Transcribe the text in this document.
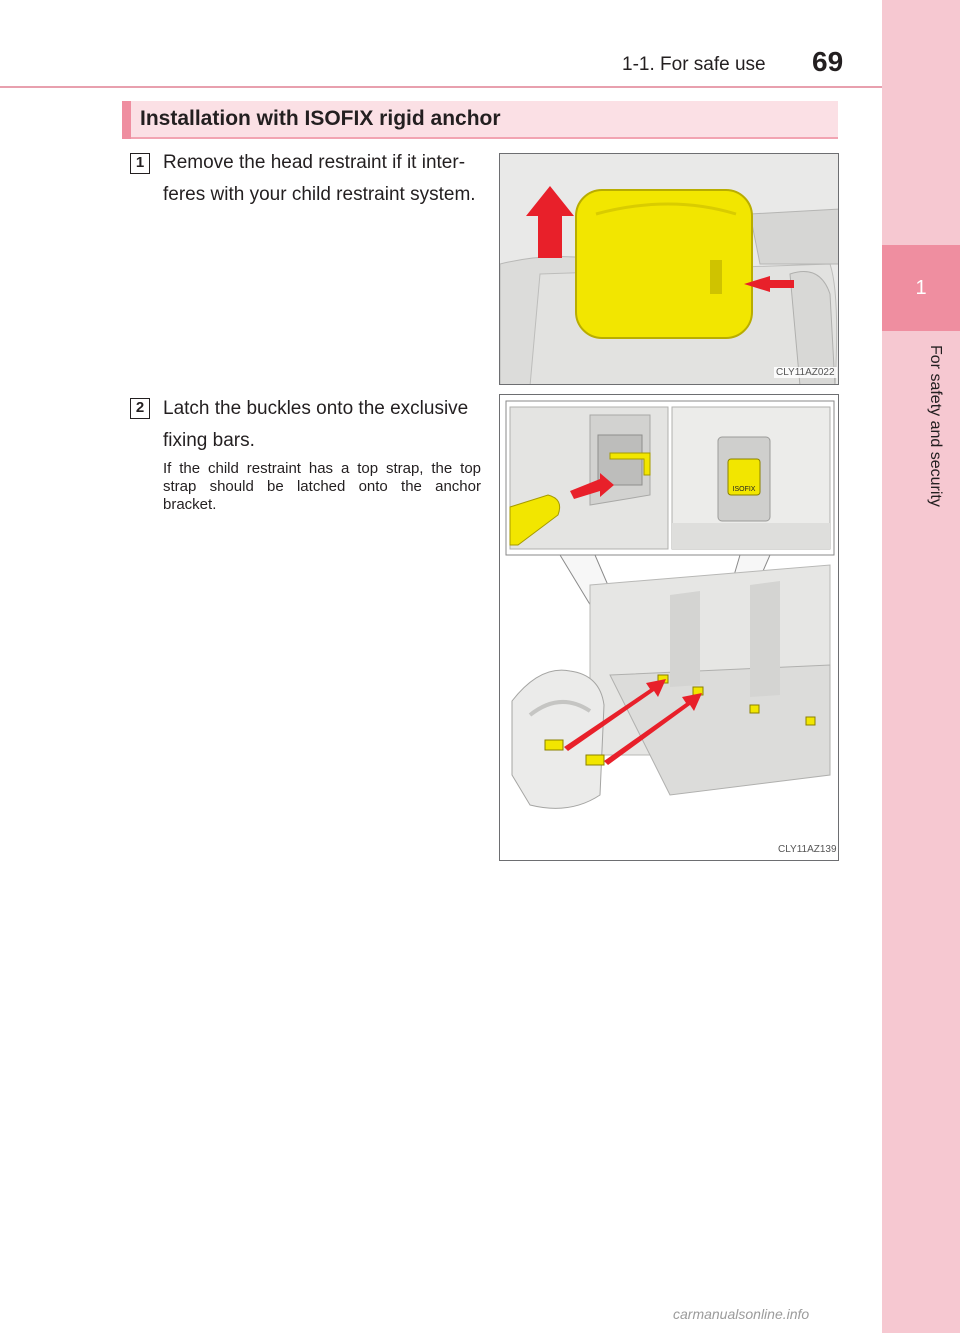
1-1. For safe use 69
1
For safety and security
Installation with ISOFIX rigid anchor
1 Remove the head restraint if it inter-feres with your child restraint system.
CLY11AZ022
2 Latch the buckles onto the exclusive fixing bars.
If the child restraint has a top strap, the top strap should be latched onto the anchor bracket.
ISOFIX
CLY11AZ139
carmanualsonline.info
